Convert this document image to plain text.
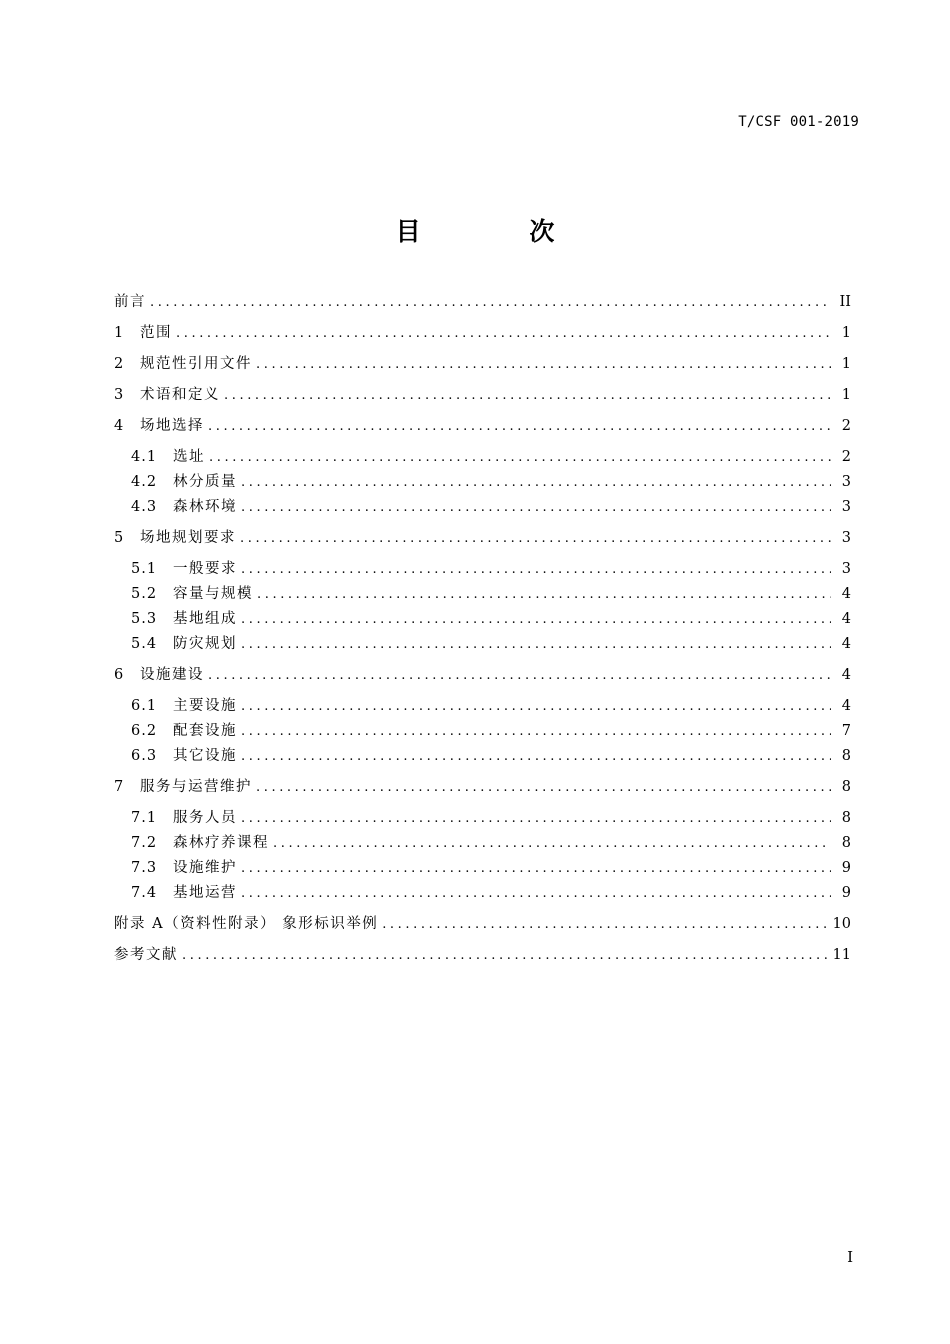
T/CSF 001-2019
目 次
前言 .....	II
1	范围 .....	1
2	规范性引用文件 .....	1
3	术语和定义 .....	1
4	场地选择 .....	2
4.1	选址 .....	2
4.2	林分质量 .....	3
4.3	森林环境 .....	3
5	场地规划要求 .....	3
5.1	一般要求 .....	3
5.2	容量与规模 .....	4
5.3	基地组成 .....	4
5.4	防灾规划 .....	4
6	设施建设 .....	4
6.1	主要设施 .....	4
6.2	配套设施 .....	7
6.3	其它设施 .....	8
7	服务与运营维护 .....	8
7.1	服务人员 .....	8
7.2	森林疗养课程 .....	8
7.3	设施维护 .....	9
7.4	基地运营 .....	9
附录 A（资料性附录） 象形标识举例 .....	10
参考文献 .....	11
I
